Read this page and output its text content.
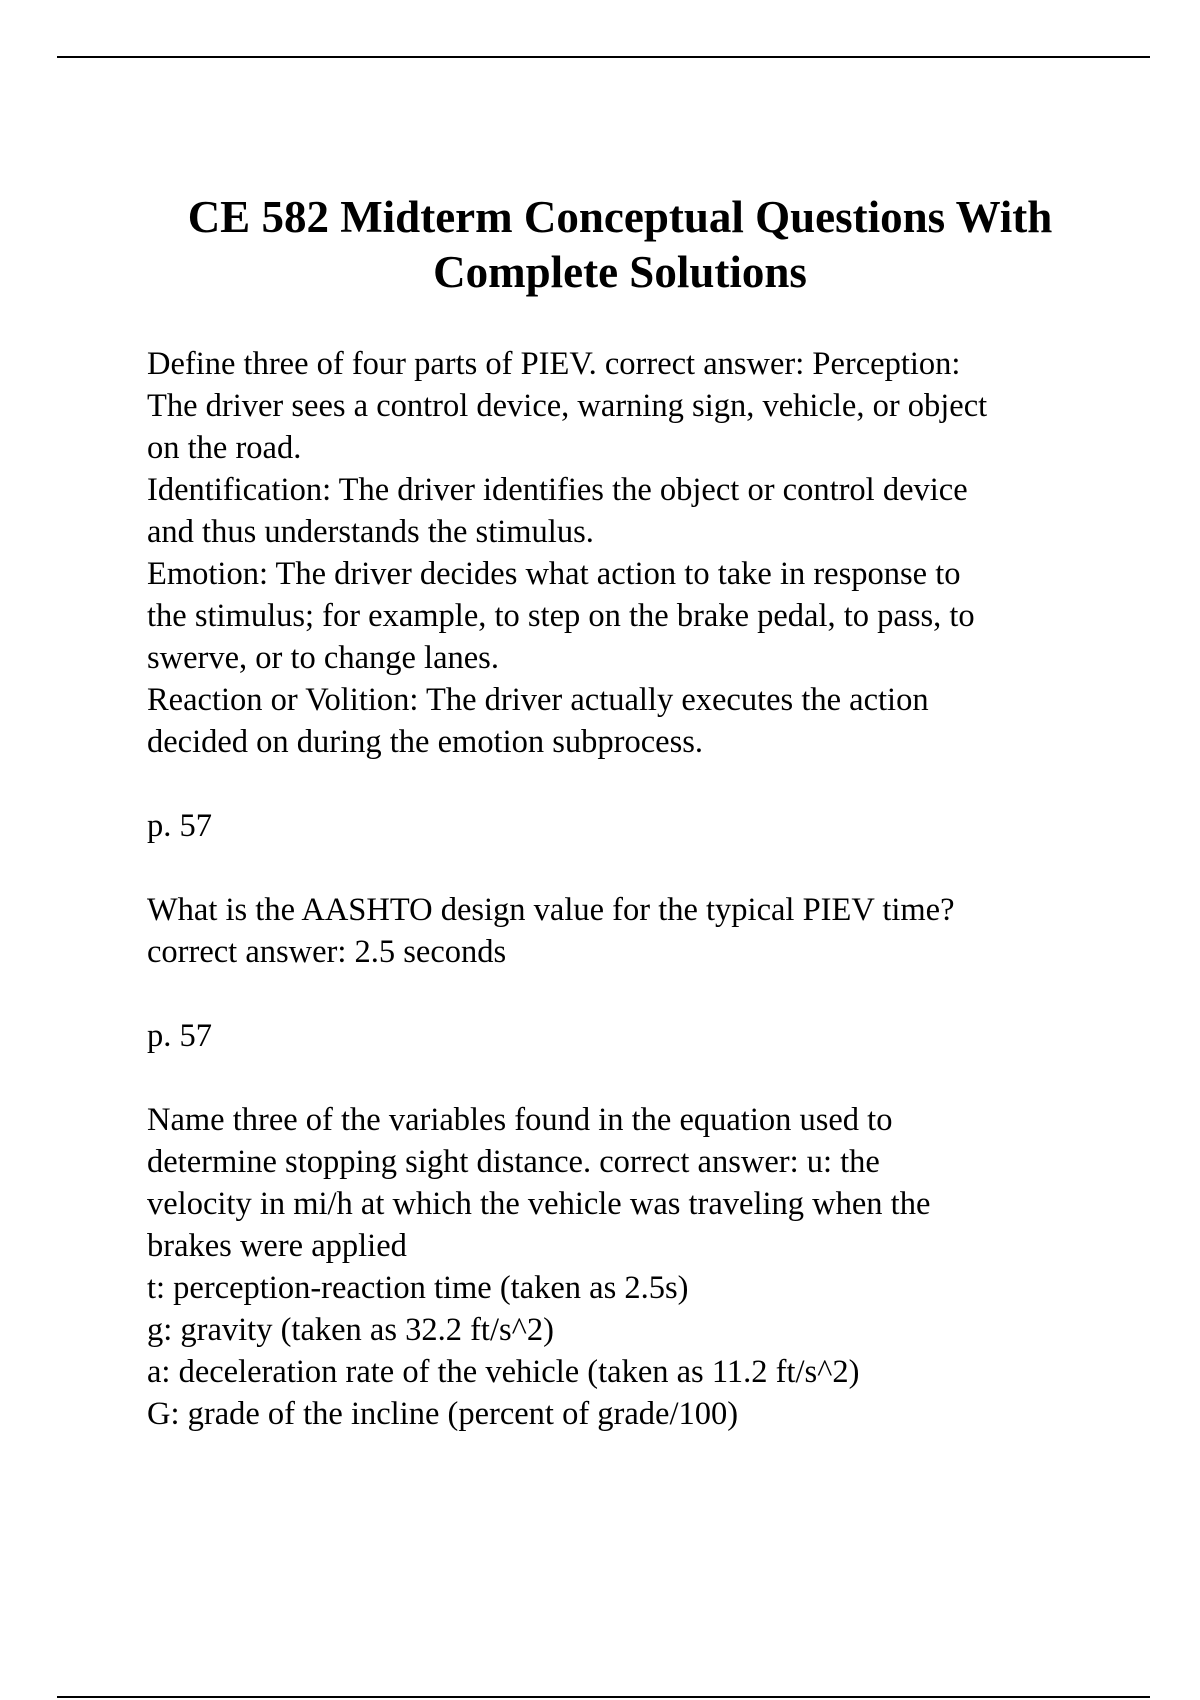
CE 582 Midterm Conceptual Questions With
Complete Solutions
Define three of four parts of PIEV. correct answer: Perception:
The driver sees a control device, warning sign, vehicle, or object
on the road.
Identification: The driver identifies the object or control device
and thus understands the stimulus.
Emotion: The driver decides what action to take in response to
the stimulus; for example, to step on the brake pedal, to pass, to
swerve, or to change lanes.
Reaction or Volition: The driver actually executes the action
decided on during the emotion subprocess.
p. 57
What is the AASHTO design value for the typical PIEV time?
correct answer: 2.5 seconds
p. 57
Name three of the variables found in the equation used to
determine stopping sight distance. correct answer: u: the
velocity in mi/h at which the vehicle was traveling when the
brakes were applied
t: perception-reaction time (taken as 2.5s)
g: gravity (taken as 32.2 ft/s^2)
a: deceleration rate of the vehicle (taken as 11.2 ft/s^2)
G: grade of the incline (percent of grade/100)
